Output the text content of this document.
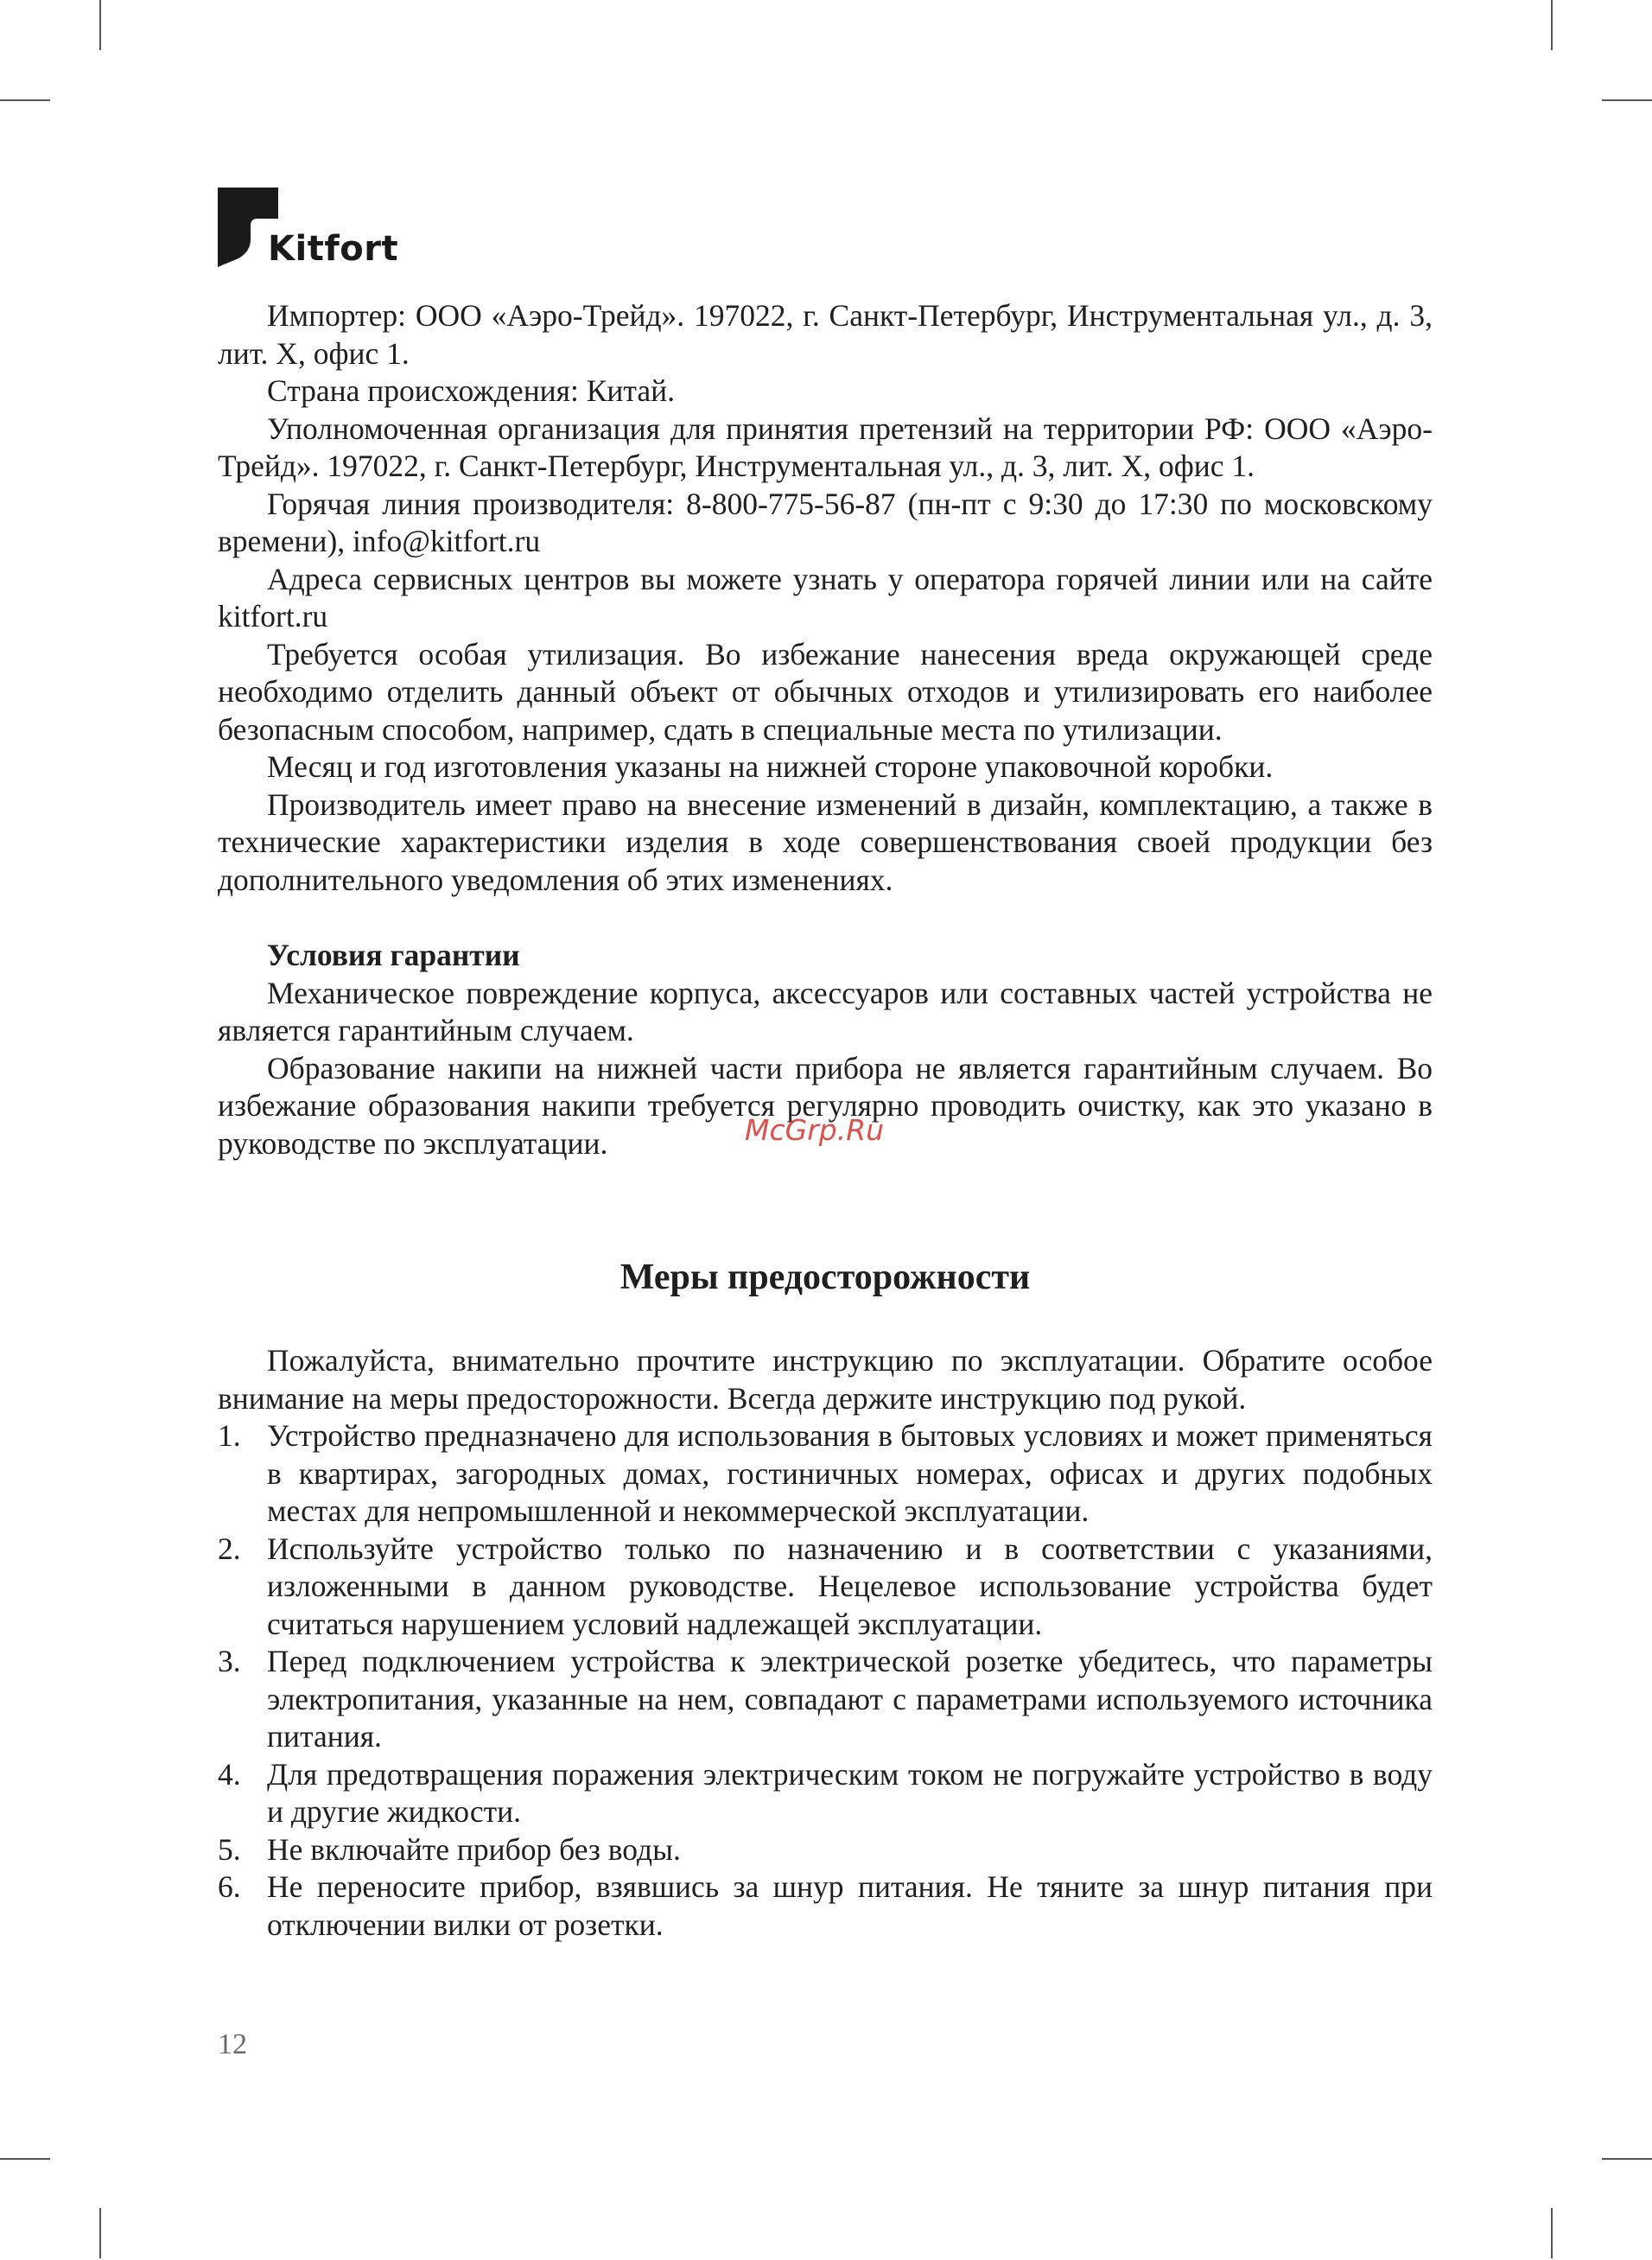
Kitfort

Импортер: ООО «Аэро-Трейд». 197022, г. Санкт-Петербург, Инструментальная ул., д. 3, лит. Х, офис 1.

Страна происхождения: Китай.

Уполномоченная организация для принятия претензий на территории РФ: ООО «Аэро-Трейд». 197022, г. Санкт-Петербург, Инструментальная ул., д. 3, лит. Х, офис 1.

Горячая линия производителя: 8-800-775-56-87 (пн-пт с 9:30 до 17:30 по московскому времени), info@kitfort.ru

Адреса сервисных центров вы можете узнать у оператора горячей линии или на сайте kitfort.ru

Требуется особая утилизация. Во избежание нанесения вреда окружающей среде необходимо отделить данный объект от обычных отходов и утилизировать его наиболее безопасным способом, например, сдать в специальные места по утилизации.

Месяц и год изготовления указаны на нижней стороне упаковочной коробки.

Производитель имеет право на внесение изменений в дизайн, комплектацию, а также в технические характеристики изделия в ходе совершенствования своей продукции без дополнительного уведомления об этих изменениях.

Условия гарантии

Механическое повреждение корпуса, аксессуаров или составных частей устройства не является гарантийным случаем.

Образование накипи на нижней части прибора не является гарантийным случаем. Во избежание образования накипи требуется регулярно проводить очистку, как это указано в руководстве по эксплуатации.

Меры предосторожности

Пожалуйста, внимательно прочтите инструкцию по эксплуатации. Обратите особое внимание на меры предосторожности. Всегда держите инструкцию под рукой.

1. Устройство предназначено для использования в бытовых условиях и может применяться в квартирах, загородных домах, гостиничных номерах, офисах и других подобных местах для непромышленной и некоммерческой эксплуатации.
2. Используйте устройство только по назначению и в соответствии с указаниями, изложенными в данном руководстве. Нецелевое использование устройства будет считаться нарушением условий надлежащей эксплуатации.
3. Перед подключением устройства к электрической розетке убедитесь, что параметры электропитания, указанные на нем, совпадают с параметрами используемого источника питания.
4. Для предотвращения поражения электрическим током не погружайте устройство в воду и другие жидкости.
5. Не включайте прибор без воды.
6. Не переносите прибор, взявшись за шнур питания. Не тяните за шнур питания при отключении вилки от розетки.
McGrp.Ru
12
